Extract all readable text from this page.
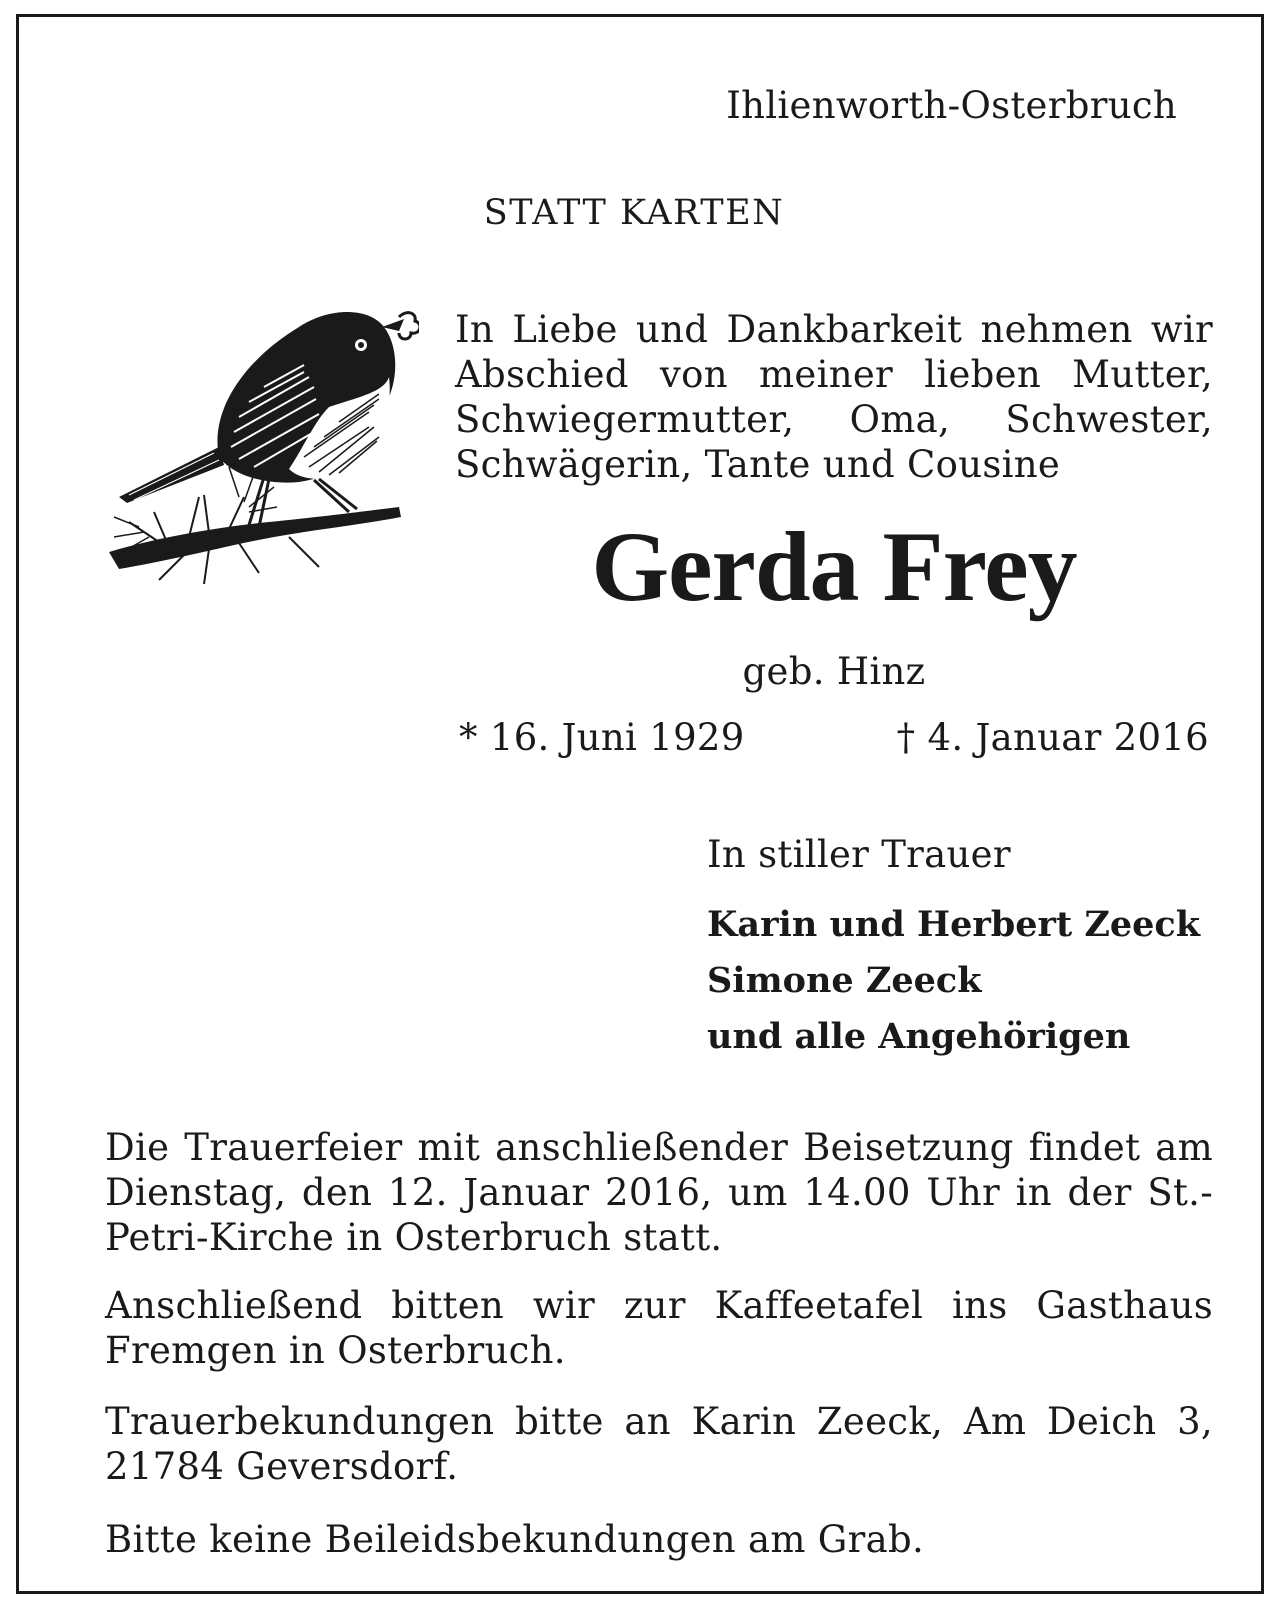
Ihlienworth-Osterbruch

STATT KARTEN

In Liebe und Dankbarkeit nehmen wir Abschied von meiner lieben Mutter, Schwiegermutter, Oma, Schwester, Schwägerin, Tante und Cousine

Gerda Frey

geb. Hinz

* 16. Juni 1929	† 4. Januar 2016

In stiller Trauer

Karin und Herbert Zeeck
Simone Zeeck
und alle Angehörigen

Die Trauerfeier mit anschließender Beisetzung findet am Dienstag, den 12. Januar 2016, um 14.00 Uhr in der St.-Petri-Kirche in Osterbruch statt.

Anschließend bitten wir zur Kaffeetafel ins Gasthaus Fremgen in Osterbruch.

Trauerbekundungen bitte an Karin Zeeck, Am Deich 3, 21784 Geversdorf.

Bitte keine Beileidsbekundungen am Grab.
